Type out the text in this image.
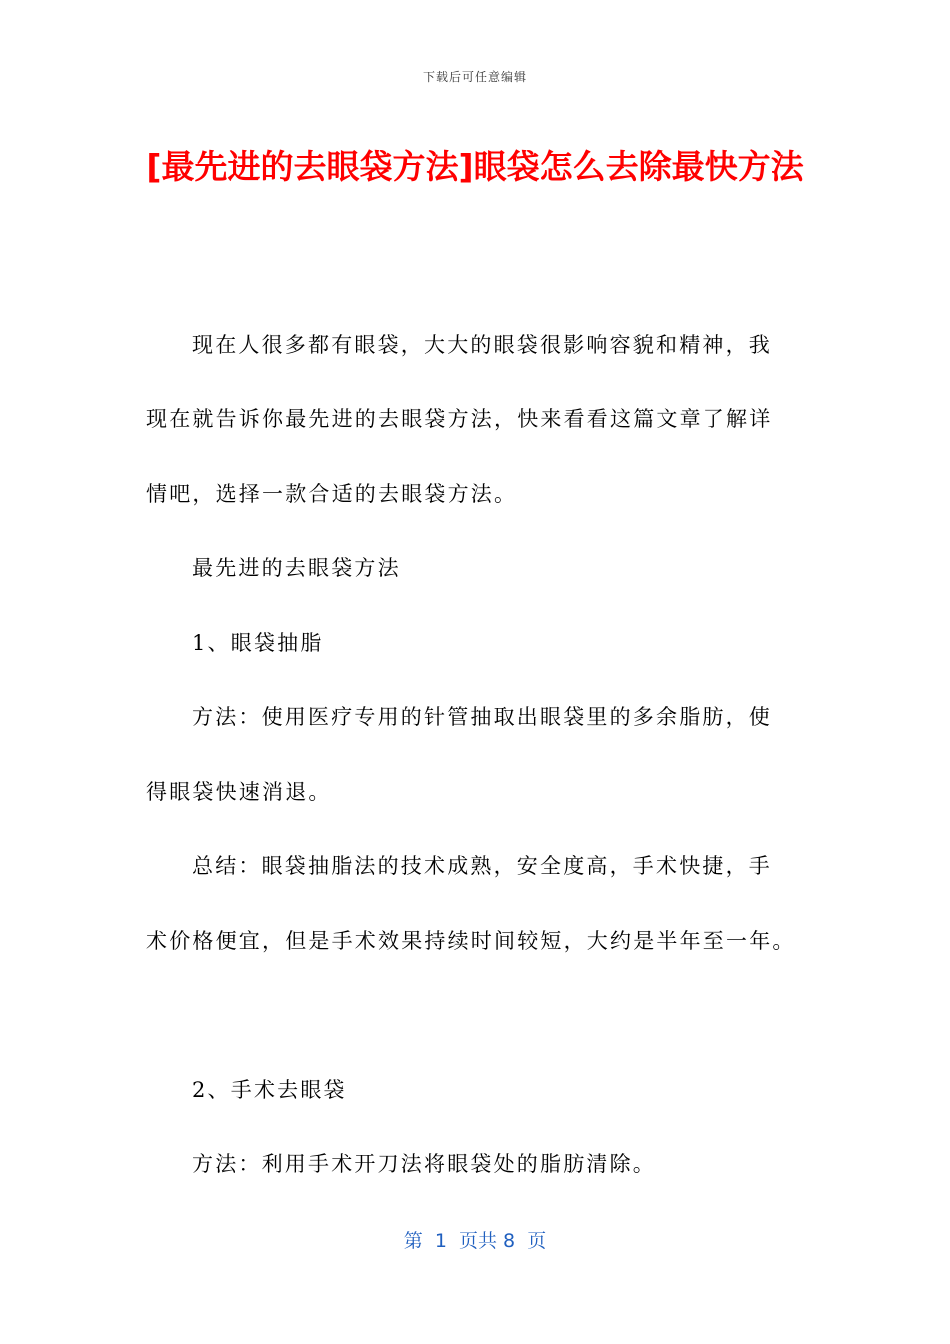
下载后可任意编辑
[最先进的去眼袋方法]眼袋怎么去除最快方法
现在人很多都有眼袋，大大的眼袋很影响容貌和精神，我
现在就告诉你最先进的去眼袋方法，快来看看这篇文章了解详
情吧，选择一款合适的去眼袋方法。
最先进的去眼袋方法
1、眼袋抽脂
方法：使用医疗专用的针管抽取出眼袋里的多余脂肪，使
得眼袋快速消退。
总结：眼袋抽脂法的技术成熟，安全度高，手术快捷，手
术价格便宜，但是手术效果持续时间较短，大约是半年至一年。
2、手术去眼袋
方法：利用手术开刀法将眼袋处的脂肪清除。
第  1  页共 8  页
